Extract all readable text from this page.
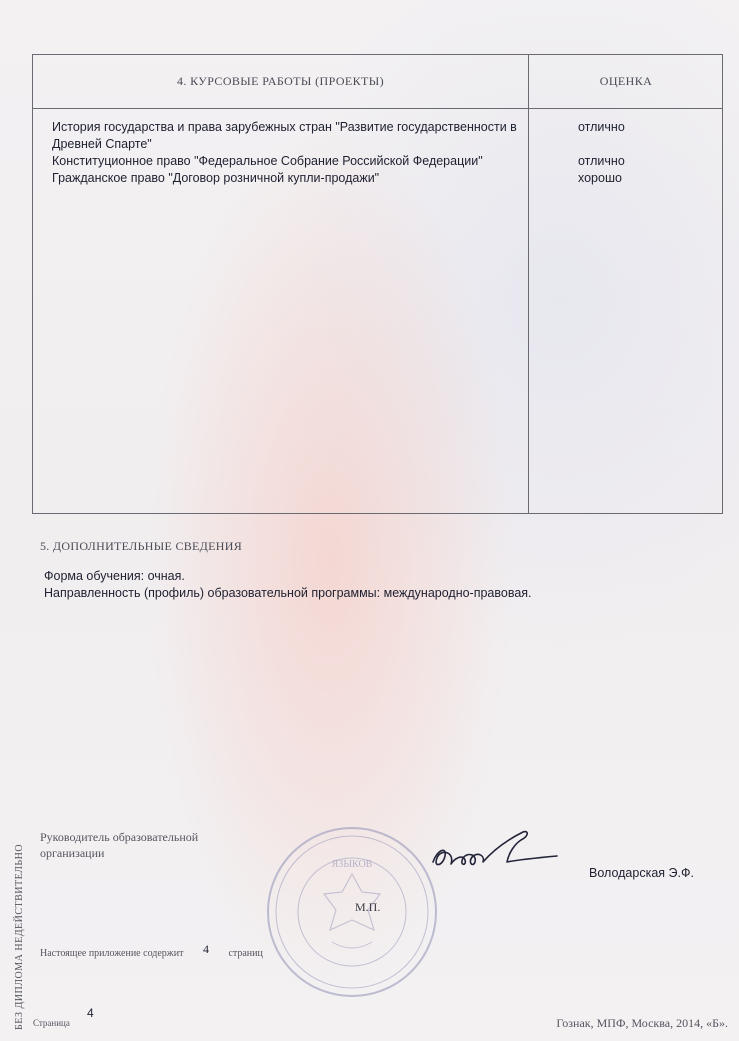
4. КУРСОВЫЕ РАБОТЫ (ПРОЕКТЫ)	ОЦЕНКА
История государства и права зарубежных стран "Развитие государственности в
Древней Спарте"
Конституционное право "Федеральное Собрание Российской Федерации"
Гражданское право "Договор розничной купли-продажи"
отлично

отлично
хорошо
5. ДОПОЛНИТЕЛЬНЫЕ СВЕДЕНИЯ
Форма обучения: очная.
Направленность (профиль) образовательной программы: международно-правовая.
Руководитель образовательной
организации
ЯЗЫКОВ
Володарская Э.Ф.
М.П.
Настоящее приложение содержит 4 страниц
БЕЗ ДИПЛОМА НЕДЕЙСТВИТЕЛЬНО Страница
4
Гознак, МПФ, Москва, 2014, «Б».
